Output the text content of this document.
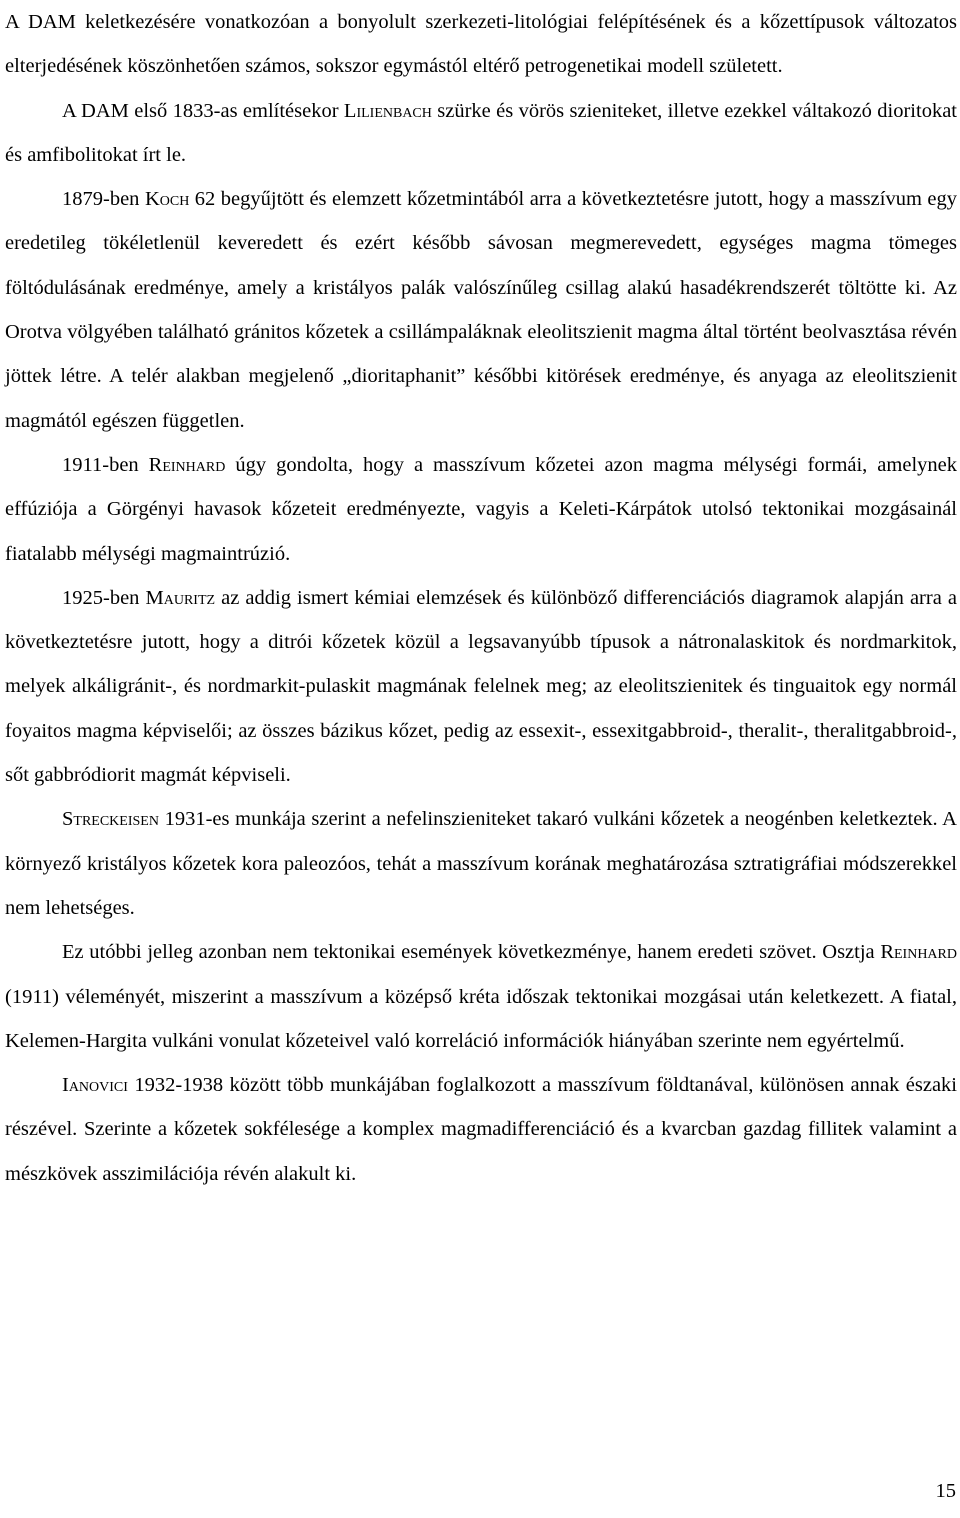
A DAM keletkezésére vonatkozóan a bonyolult szerkezeti-litológiai felépítésének és a kőzettípusok változatos elterjedésének köszönhetően számos, sokszor egymástól eltérő petrogenetikai modell született.

A DAM első 1833-as említésekor Lilienbach szürke és vörös szieniteket, illetve ezekkel váltakozó dioritokat és amfibolitokat írt le.

1879-ben Koch 62 begyűjtött és elemzett kőzetmintából arra a következtetésre jutott, hogy a masszívum egy eredetileg tökéletlenül keveredett és ezért később sávosan megmerevedett, egységes magma tömeges föltódulásának eredménye, amely a kristályos palák valószínűleg csillag alakú hasadékrendszerét töltötte ki. Az Orotva völgyében található gránitos kőzetek a csillámpaláknak eleolitszienit magma által történt beolvasztása révén jöttek létre. A telér alakban megjelenő „dioritaphanit” későbbi kitörések eredménye, és anyaga az eleolitszienit magmától egészen független.

1911-ben Reinhard úgy gondolta, hogy a masszívum kőzetei azon magma mélységi formái, amelynek effúziója a Görgényi havasok kőzeteit eredményezte, vagyis a Keleti-Kárpátok utolsó tektonikai mozgásainál fiatalabb mélységi magmaintrúzió.

1925-ben Mauritz az addig ismert kémiai elemzések és különböző differenciációs diagramok alapján arra a következtetésre jutott, hogy a ditrói kőzetek közül a legsavanyúbb típusok a nátronalaskitok és nordmarkitok, melyek alkáligránit-, és nordmarkit-pulaskit magmának felelnek meg; az eleolitszienitek és tinguaitok egy normál foyaitos magma képviselői; az összes bázikus kőzet, pedig az essexit-, essexitgabbroid-, theralit-, theralitgabbroid-, sőt gabbródiorit magmát képviseli.

Streckeisen 1931-es munkája szerint a nefelinszieniteket takaró vulkáni kőzetek a neogénben keletkeztek. A környező kristályos kőzetek kora paleozóos, tehát a masszívum korának meghatározása sztratigráfiai módszerekkel nem lehetséges.

Ez utóbbi jelleg azonban nem tektonikai események következménye, hanem eredeti szövet. Osztja Reinhard (1911) véleményét, miszerint a masszívum a középső kréta időszak tektonikai mozgásai után keletkezett. A fiatal, Kelemen-Hargita vulkáni vonulat kőzeteivel való korreláció információk hiányában szerinte nem egyértelmű.

Ianovici 1932-1938 között több munkájában foglalkozott a masszívum földtanával, különösen annak északi részével. Szerinte a kőzetek sokfélesége a komplex magmadifferenciáció és a kvarcban gazdag fillitek valamint a mészkövek asszimilációja révén alakult ki.

15
